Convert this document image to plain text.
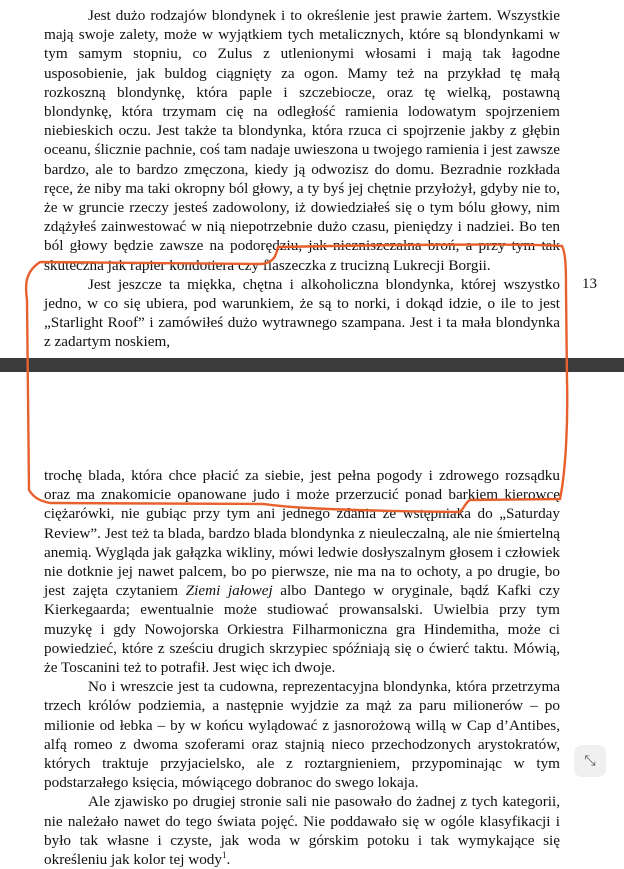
Jest dużo rodzajów blondynek i to określenie jest prawie żartem. Wszystkie mają swoje zalety, może w wyjątkiem tych metalicznych, które są blondynkami w tym samym stopniu, co Zulus z utlenionymi włosami i mają tak łagodne usposobienie, jak buldog ciągnięty za ogon. Mamy też na przykład tę małą rozkoszną blondynkę, która paple i szczebiocze, oraz tę wielką, postawną blondynkę, która trzymam cię na odległość ramienia lodowatym spojrzeniem niebieskich oczu. Jest także ta blondynka, która rzuca ci spojrzenie jakby z głębin oceanu, ślicznie pachnie, coś tam nadaje uwieszona u twojego ramienia i jest zawsze bardzo, ale to bardzo zmęczona, kiedy ją odwozisz do domu. Bezradnie rozkłada ręce, że niby ma taki okropny ból głowy, a ty byś jej chętnie przyłożył, gdyby nie to, że w gruncie rzeczy jesteś zadowolony, iż dowiedziałeś się o tym bólu głowy, nim zdążyłeś zainwestować w nią niepotrzebnie dużo czasu, pieniędzy i nadziei. Bo ten ból głowy będzie zawsze na podorędziu, jak niezniszczalna broń, a przy tym tak skuteczna jak rapier kondotiera czy flaszeczka z trucizną Lukrecji Borgii.

Jest jeszcze ta miękka, chętna i alkoholiczna blondynka, której wszystko jedno, w co się ubiera, pod warunkiem, że są to norki, i dokąd idzie, o ile to jest „Starlight Roof” i zamówiłeś dużo wytrawnego szampana. Jest i ta mała blondynka z zadartym noskiem,

13

trochę blada, która chce płacić za siebie, jest pełna pogody i zdrowego rozsądku oraz ma znakomicie opanowane judo i może przerzucić ponad barkiem kierowcę ciężarówki, nie gubiąc przy tym ani jednego zdania ze wstępniaka do „Saturday Review”. Jest też ta blada, bardzo blada blondynka z nieuleczalną, ale nie śmiertelną anemią. Wygląda jak gałązka wikliny, mówi ledwie dosłyszalnym głosem i człowiek nie dotknie jej nawet palcem, bo po pierwsze, nie ma na to ochoty, a po drugie, bo jest zajęta czytaniem Ziemi jałowej albo Dantego w oryginale, bądź Kafki czy Kierkegaarda; ewentualnie może studiować prowansalski. Uwielbia przy tym muzykę i gdy Nowojorska Orkiestra Filharmoniczna gra Hindemitha, może ci powiedzieć, które z sześciu drugich skrzypiec spóźniają się o ćwierć taktu. Mówią, że Toscanini też to potrafił. Jest więc ich dwoje.

No i wreszcie jest ta cudowna, reprezentacyjna blondynka, która przetrzyma trzech królów podziemia, a następnie wyjdzie za mąż za paru milionerów – po milionie od łebka – by w końcu wylądować z jasnorożową willą w Cap d’Antibes, alfą romeo z dwoma szoferami oraz stajnią nieco przechodzonych arystokratów, których traktuje przyjacielsko, ale z roztargnieniem, przypominając w tym podstarzałego księcia, mówiącego dobranoc do swego lokaja.

Ale zjawisko po drugiej stronie sali nie pasowało do żadnej z tych kategorii, nie należało nawet do tego świata pojęć. Nie poddawało się w ogóle klasyfikacji i było tak własne i czyste, jak woda w górskim potoku i tak wymykające się określeniu jak kolor tej wody$^1$.

⤡
